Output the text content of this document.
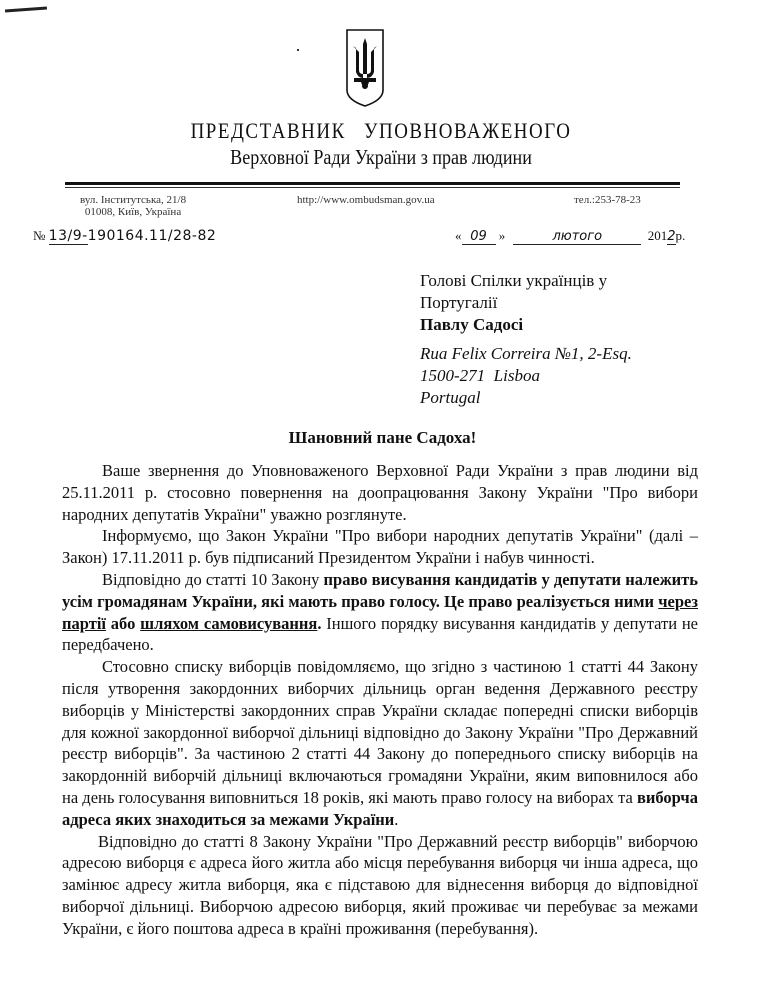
ПРЕДСТАВНИК УПОВНОВАЖЕНОГО
Верховної Ради України з прав людини
вул. Інститутська, 21/8
01008, Київ, Україна
http://www.ombudsman.gov.ua	тел.:253-78-23
№ 13/9-190164.11/28-82	« 09 »	лютого	2012р.
Голові Спілки українців у
Португалії
Павлу Садосі
Rua Felix Correira №1, 2-Esq.
1500-271  Lisboa
Portugal
Шановний пане Садоха!

Ваше звернення до Уповноваженого Верховної Ради України з прав людини від 25.11.2011 р. стосовно повернення на доопрацювання Закону України "Про вибори народних депутатів України" уважно розглянуте.

Інформуємо, що Закон України "Про вибори народних депутатів України" (далі – Закон) 17.11.2011 р. був підписаний Президентом України і набув чинності.

Відповідно до статті 10 Закону право висування кандидатів у депутати належить усім громадянам України, які мають право голосу. Це право реалізується ними через партії або шляхом самовисування. Іншого порядку висування кандидатів у депутати не передбачено.

Стосовно списку виборців повідомляємо, що згідно з частиною 1 статті 44 Закону після утворення закордонних виборчих дільниць орган ведення Державного реєстру виборців у Міністерстві закордонних справ України складає попередні списки виборців для кожної закордонної виборчої дільниці відповідно до Закону України "Про Державний реєстр виборців". За частиною 2 статті 44 Закону до попереднього списку виборців на закордонній виборчій дільниці включаються громадяни України, яким виповнилося або на день голосування виповниться 18 років, які мають право голосу на виборах та виборча адреса яких знаходиться за межами України.

Відповідно до статті 8 Закону України "Про Державний реєстр виборців" виборчою адресою виборця є адреса його житла або місця перебування виборця чи інша адреса, що замінює адресу житла виборця, яка є підставою для віднесення виборця до відповідної виборчої дільниці. Виборчою адресою виборця, який проживає чи перебуває за межами України, є його поштова адреса в країні проживання (перебування).
